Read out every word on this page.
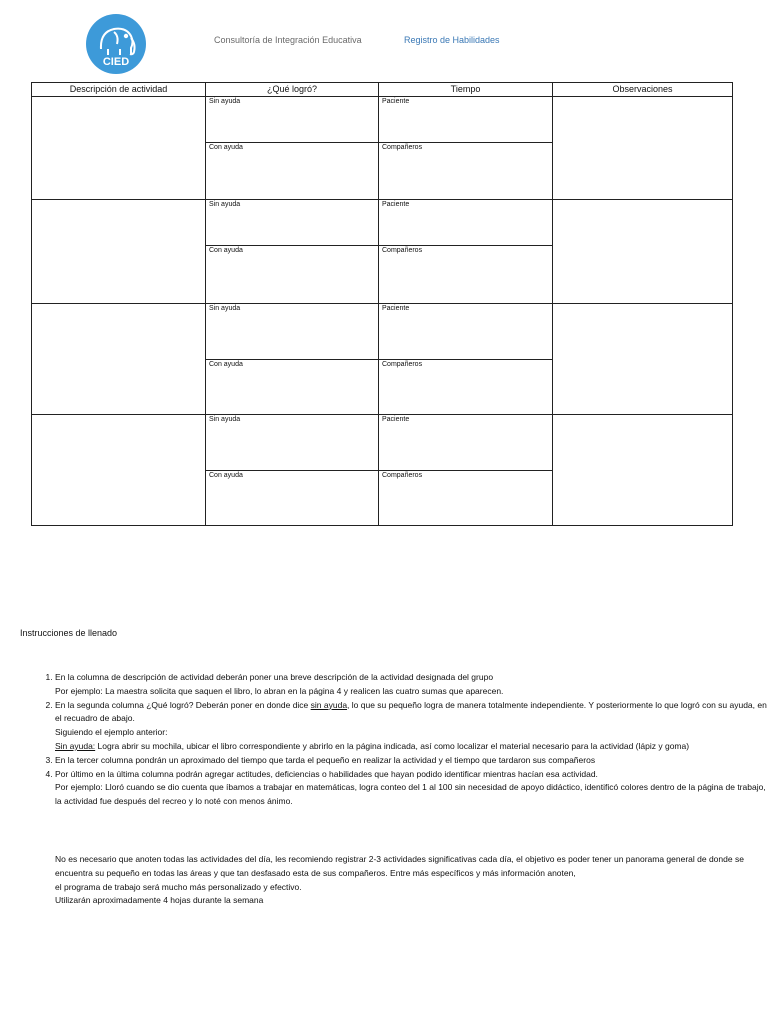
CIED
Consultoría de Integración Educativa	Registro de Habilidades
Descripción de actividad	¿Qué logró?	Tiempo	Observaciones
	Sin ayuda	Paciente	
	Con ayuda	Compañeros	
	Sin ayuda	Paciente	
	Con ayuda	Compañeros	
	Sin ayuda	Paciente	
	Con ayuda	Compañeros	
	Sin ayuda	Paciente	
	Con ayuda	Compañeros	
Instrucciones de llenado
1. En la columna de descripción de actividad deberán poner una breve descripción de la actividad designada del grupo
Por ejemplo: La maestra solicita que saquen el libro, lo abran en la página 4 y realicen las cuatro sumas que aparecen.
2. En la segunda columna ¿Qué logró? Deberán poner en donde dice sin ayuda, lo que su pequeño logra de manera totalmente independiente. Y posteriormente lo que logró con su ayuda, en el recuadro de abajo.
Siguiendo el ejemplo anterior:
Sin ayuda: Logra abrir su mochila, ubicar el libro correspondiente y abrirlo en la página indicada, así como localizar el material necesario para la actividad (lápiz y goma)
3. En la tercer columna pondrán un aproximado del tiempo que tarda el pequeño en realizar la actividad y el tiempo que tardaron sus compañeros
4. Por último en la última columna podrán agregar actitudes, deficiencias o habilidades que hayan podido identificar mientras hacían esa actividad.
Por ejemplo: Lloró cuando se dio cuenta que íbamos a trabajar en matemáticas, logra conteo del 1 al 100 sin necesidad de apoyo didáctico, identificó colores dentro de la página de trabajo, la actividad fue después del recreo y lo noté con menos ánimo.
No es necesario que anoten todas las actividades del día, les recomiendo registrar 2-3 actividades significativas cada día, el objetivo es poder tener un panorama general de donde se encuentra su pequeño en todas las áreas y que tan desfasado esta de sus compañeros. Entre más específicos y más información anoten,
el programa de trabajo será mucho más personalizado y efectivo.
Utilizarán aproximadamente 4 hojas durante la semana
